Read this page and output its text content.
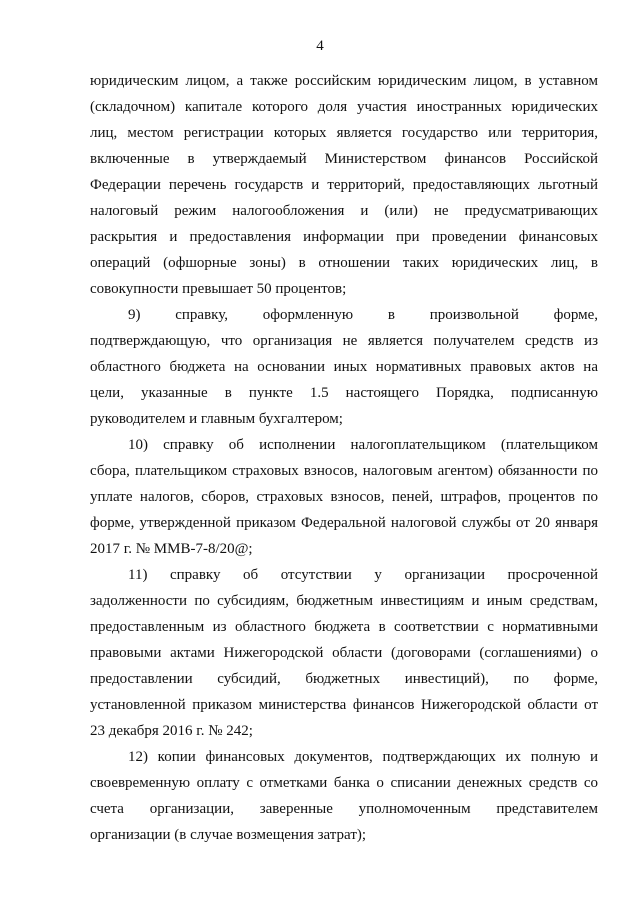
4
юридическим лицом, а также российским юридическим лицом, в уставном
(складочном) капитале которого доля участия иностранных юридических
лиц, местом регистрации которых является государство или территория,
включенные в утверждаемый Министерством финансов Российской
Федерации перечень государств и территорий, предоставляющих льготный
налоговый режим налогообложения и (или) не предусматривающих
раскрытия и предоставления информации при проведении финансовых
операций (офшорные зоны) в отношении таких юридических лиц, в
совокупности превышает 50 процентов;
9) справку, оформленную в произвольной форме,
подтверждающую, что организация не является получателем средств из
областного бюджета на основании иных нормативных правовых актов на
цели, указанные в пункте 1.5 настоящего Порядка, подписанную
руководителем и главным бухгалтером;
10) справку об исполнении налогоплательщиком (плательщиком
сбора, плательщиком страховых взносов, налоговым агентом) обязанности по
уплате налогов, сборов, страховых взносов, пеней, штрафов, процентов по
форме, утвержденной приказом Федеральной налоговой службы от 20 января
2017 г. № ММВ-7-8/20@;
11) справку об отсутствии у организации просроченной
задолженности по субсидиям, бюджетным инвестициям и иным средствам,
предоставленным из областного бюджета в соответствии с нормативными
правовыми актами Нижегородской области (договорами (соглашениями) о
предоставлении субсидий, бюджетных инвестиций), по форме,
установленной приказом министерства финансов Нижегородской области от
23 декабря 2016 г. № 242;
12) копии финансовых документов, подтверждающих их полную и
своевременную оплату с отметками банка о списании денежных средств со
счета организации, заверенные уполномоченным представителем
организации (в случае возмещения затрат);
